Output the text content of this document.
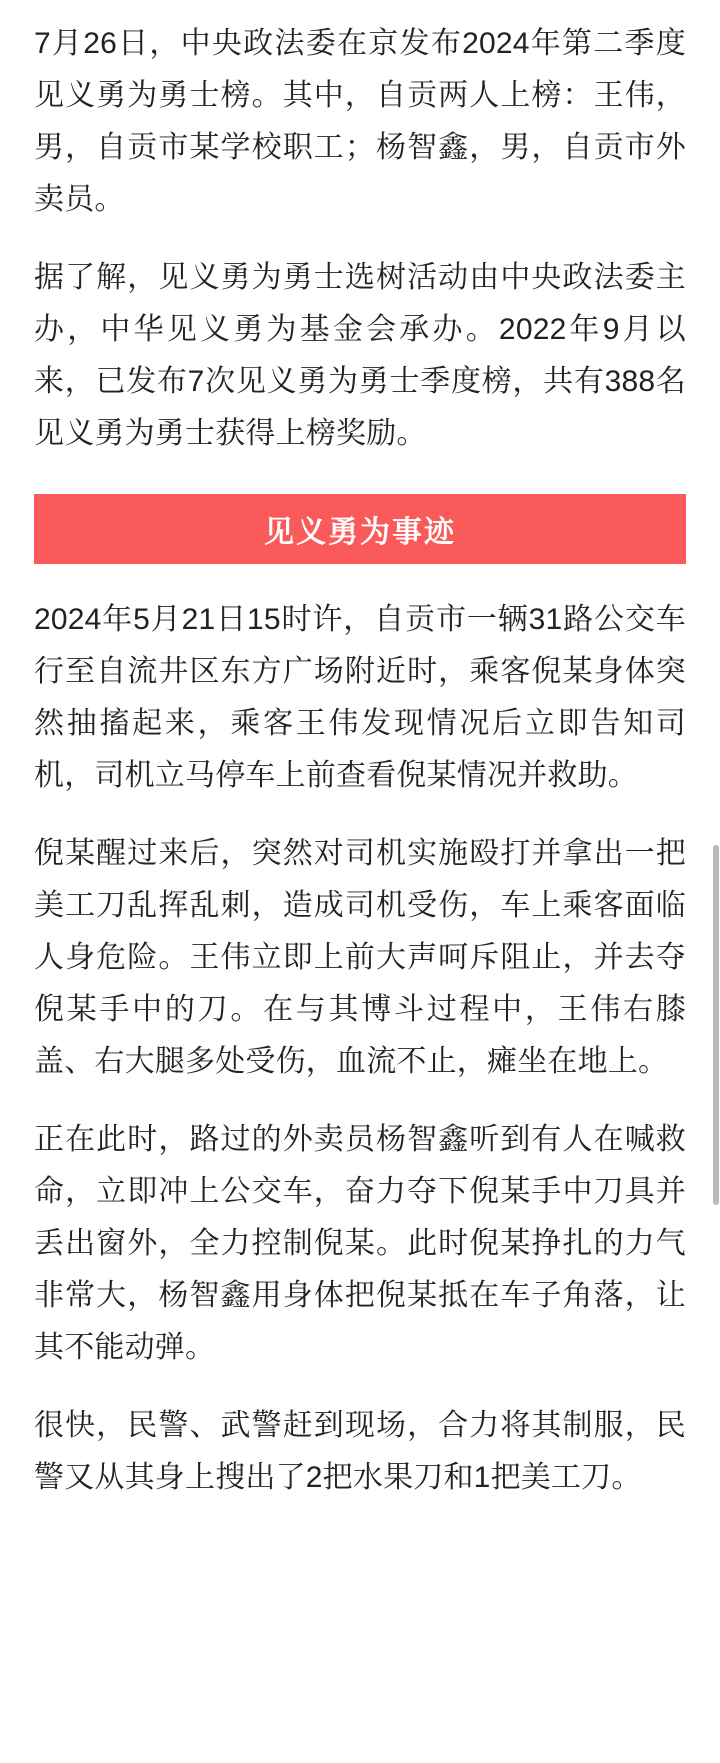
7月26日，中央政法委在京发布2024年第二季度见义勇为勇士榜。其中，自贡两人上榜：王伟，男，自贡市某学校职工；杨智鑫，男，自贡市外卖员。

据了解，见义勇为勇士选树活动由中央政法委主办，中华见义勇为基金会承办。2022年9月以来，已发布7次见义勇为勇士季度榜，共有388名见义勇为勇士获得上榜奖励。

见义勇为事迹

2024年5月21日15时许，自贡市一辆31路公交车行至自流井区东方广场附近时，乘客倪某身体突然抽搐起来，乘客王伟发现情况后立即告知司机，司机立马停车上前查看倪某情况并救助。

倪某醒过来后，突然对司机实施殴打并拿出一把美工刀乱挥乱刺，造成司机受伤，车上乘客面临人身危险。王伟立即上前大声呵斥阻止，并去夺倪某手中的刀。在与其博斗过程中，王伟右膝盖、右大腿多处受伤，血流不止，瘫坐在地上。

正在此时，路过的外卖员杨智鑫听到有人在喊救命，立即冲上公交车，奋力夺下倪某手中刀具并丢出窗外，全力控制倪某。此时倪某挣扎的力气非常大，杨智鑫用身体把倪某抵在车子角落，让其不能动弹。

很快，民警、武警赶到现场，合力将其制服，民警又从其身上搜出了2把水果刀和1把美工刀。
